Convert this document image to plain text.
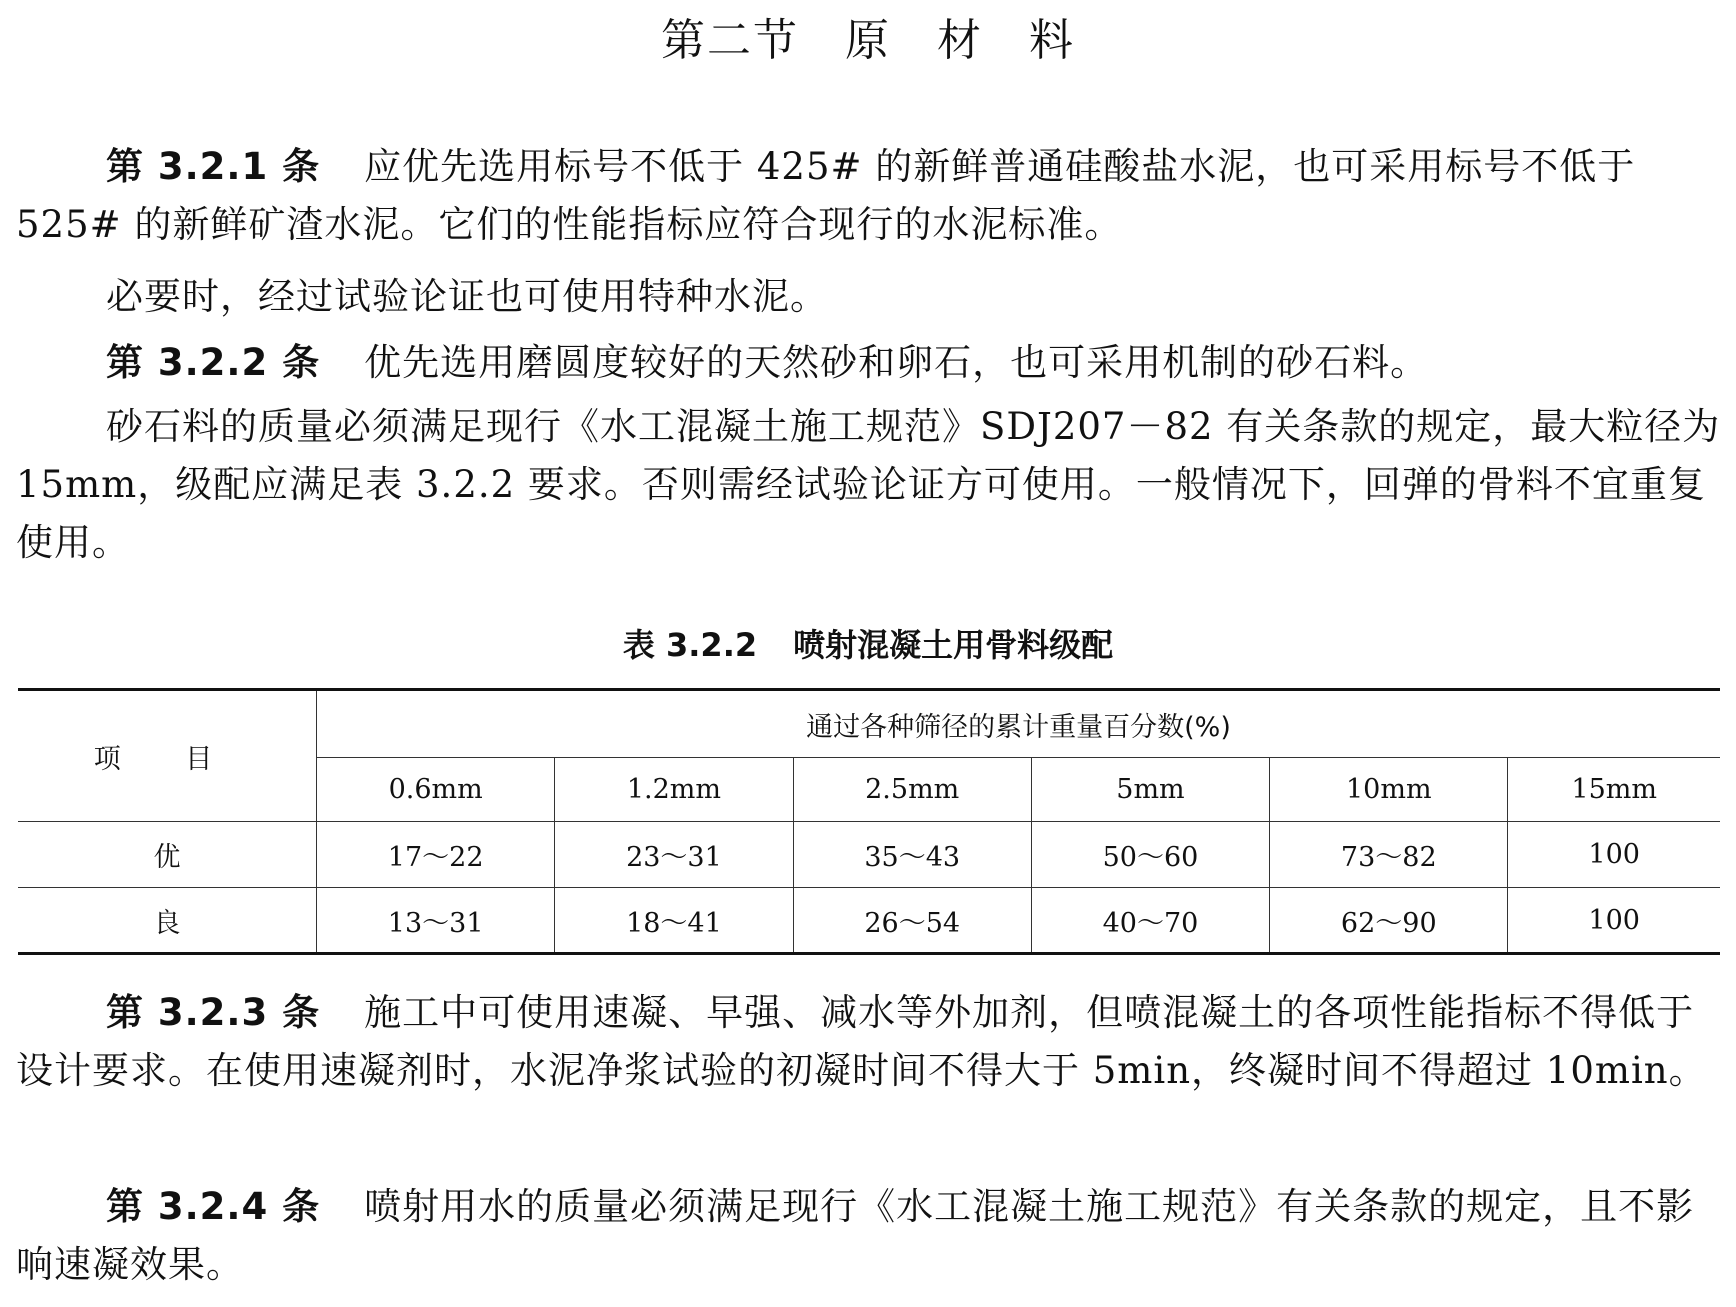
第二节 原 材 料
第 3.2.1 条 应优先选用标号不低于 425# 的新鲜普通硅酸盐水泥，也可采用标号不低于 525# 的新鲜矿渣水泥。它们的性能指标应符合现行的水泥标准。
必要时，经过试验论证也可使用特种水泥。
第 3.2.2 条 优先选用磨圆度较好的天然砂和卵石，也可采用机制的砂石料。
砂石料的质量必须满足现行《水工混凝土施工规范》SDJ207－82 有关条款的规定，最大粒径为 15mm，级配应满足表 3.2.2 要求。否则需经试验论证方可使用。一般情况下，回弹的骨料不宜重复使用。
表 3.2.2 喷射混凝土用骨料级配
项 目	通过各种筛径的累计重量百分数(%)					
	0.6mm	1.2mm	2.5mm	5mm	10mm	15mm
优	17～22	23～31	35～43	50～60	73～82	100
良	13～31	18～41	26～54	40～70	62～90	100
第 3.2.3 条 施工中可使用速凝、早强、减水等外加剂，但喷混凝土的各项性能指标不得低于设计要求。在使用速凝剂时，水泥净浆试验的初凝时间不得大于 5min，终凝时间不得超过 10min。
第 3.2.4 条 喷射用水的质量必须满足现行《水工混凝土施工规范》有关条款的规定，且不影响速凝效果。
